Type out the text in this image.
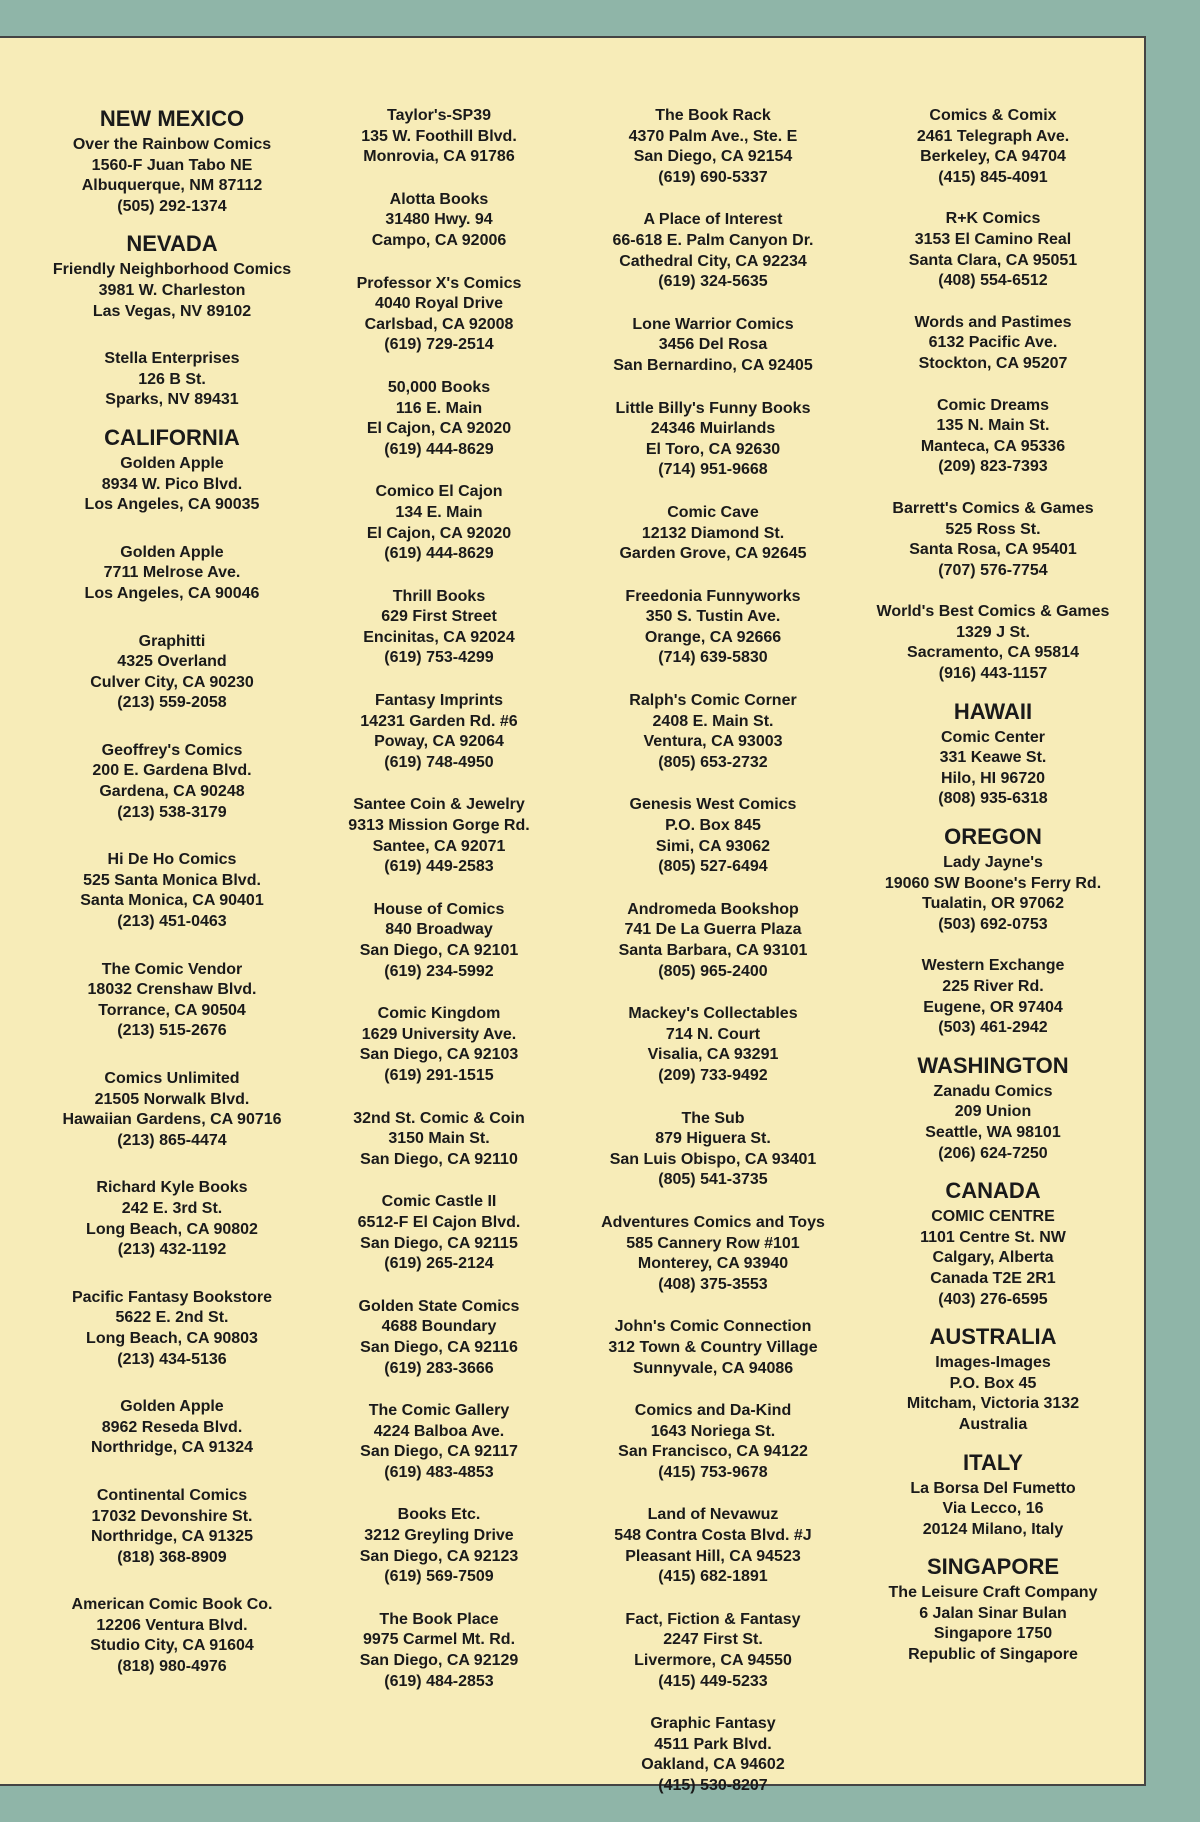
NEW MEXICO
Over the Rainbow Comics
1560-F Juan Tabo NE
Albuquerque, NM 87112
(505) 292-1374
NEVADA
Friendly Neighborhood Comics
3981 W. Charleston
Las Vegas, NV 89102
Stella Enterprises
126 B St.
Sparks, NV 89431
CALIFORNIA
Golden Apple
8934 W. Pico Blvd.
Los Angeles, CA 90035
Golden Apple
7711 Melrose Ave.
Los Angeles, CA 90046
Graphitti
4325 Overland
Culver City, CA 90230
(213) 559-2058
Geoffrey's Comics
200 E. Gardena Blvd.
Gardena, CA 90248
(213) 538-3179
Hi De Ho Comics
525 Santa Monica Blvd.
Santa Monica, CA 90401
(213) 451-0463
The Comic Vendor
18032 Crenshaw Blvd.
Torrance, CA 90504
(213) 515-2676
Comics Unlimited
21505 Norwalk Blvd.
Hawaiian Gardens, CA 90716
(213) 865-4474
Richard Kyle Books
242 E. 3rd St.
Long Beach, CA 90802
(213) 432-1192
Pacific Fantasy Bookstore
5622 E. 2nd St.
Long Beach, CA 90803
(213) 434-5136
Golden Apple
8962 Reseda Blvd.
Northridge, CA 91324
Continental Comics
17032 Devonshire St.
Northridge, CA 91325
(818) 368-8909
American Comic Book Co.
12206 Ventura Blvd.
Studio City, CA 91604
(818) 980-4976
Taylor's-SP39
135 W. Foothill Blvd.
Monrovia, CA 91786
Alotta Books
31480 Hwy. 94
Campo, CA 92006
Professor X's Comics
4040 Royal Drive
Carlsbad, CA 92008
(619) 729-2514
50,000 Books
116 E. Main
El Cajon, CA 92020
(619) 444-8629
Comico El Cajon
134 E. Main
El Cajon, CA 92020
(619) 444-8629
Thrill Books
629 First Street
Encinitas, CA 92024
(619) 753-4299
Fantasy Imprints
14231 Garden Rd. #6
Poway, CA 92064
(619) 748-4950
Santee Coin & Jewelry
9313 Mission Gorge Rd.
Santee, CA 92071
(619) 449-2583
House of Comics
840 Broadway
San Diego, CA 92101
(619) 234-5992
Comic Kingdom
1629 University Ave.
San Diego, CA 92103
(619) 291-1515
32nd St. Comic & Coin
3150 Main St.
San Diego, CA 92110
Comic Castle II
6512-F El Cajon Blvd.
San Diego, CA 92115
(619) 265-2124
Golden State Comics
4688 Boundary
San Diego, CA 92116
(619) 283-3666
The Comic Gallery
4224 Balboa Ave.
San Diego, CA 92117
(619) 483-4853
Books Etc.
3212 Greyling Drive
San Diego, CA 92123
(619) 569-7509
The Book Place
9975 Carmel Mt. Rd.
San Diego, CA 92129
(619) 484-2853
The Book Rack
4370 Palm Ave., Ste. E
San Diego, CA 92154
(619) 690-5337
A Place of Interest
66-618 E. Palm Canyon Dr.
Cathedral City, CA 92234
(619) 324-5635
Lone Warrior Comics
3456 Del Rosa
San Bernardino, CA 92405
Little Billy's Funny Books
24346 Muirlands
El Toro, CA 92630
(714) 951-9668
Comic Cave
12132 Diamond St.
Garden Grove, CA 92645
Freedonia Funnyworks
350 S. Tustin Ave.
Orange, CA 92666
(714) 639-5830
Ralph's Comic Corner
2408 E. Main St.
Ventura, CA 93003
(805) 653-2732
Genesis West Comics
P.O. Box 845
Simi, CA 93062
(805) 527-6494
Andromeda Bookshop
741 De La Guerra Plaza
Santa Barbara, CA 93101
(805) 965-2400
Mackey's Collectables
714 N. Court
Visalia, CA 93291
(209) 733-9492
The Sub
879 Higuera St.
San Luis Obispo, CA 93401
(805) 541-3735
Adventures Comics and Toys
585 Cannery Row #101
Monterey, CA 93940
(408) 375-3553
John's Comic Connection
312 Town & Country Village
Sunnyvale, CA 94086
Comics and Da-Kind
1643 Noriega St.
San Francisco, CA 94122
(415) 753-9678
Land of Nevawuz
548 Contra Costa Blvd. #J
Pleasant Hill, CA 94523
(415) 682-1891
Fact, Fiction & Fantasy
2247 First St.
Livermore, CA 94550
(415) 449-5233
Graphic Fantasy
4511 Park Blvd.
Oakland, CA 94602
(415) 530-8207
Comics & Comix
2461 Telegraph Ave.
Berkeley, CA 94704
(415) 845-4091
R+K Comics
3153 El Camino Real
Santa Clara, CA 95051
(408) 554-6512
Words and Pastimes
6132 Pacific Ave.
Stockton, CA 95207
Comic Dreams
135 N. Main St.
Manteca, CA 95336
(209) 823-7393
Barrett's Comics & Games
525 Ross St.
Santa Rosa, CA 95401
(707) 576-7754
World's Best Comics & Games
1329 J St.
Sacramento, CA 95814
(916) 443-1157
HAWAII
Comic Center
331 Keawe St.
Hilo, HI 96720
(808) 935-6318
OREGON
Lady Jayne's
19060 SW Boone's Ferry Rd.
Tualatin, OR 97062
(503) 692-0753
Western Exchange
225 River Rd.
Eugene, OR 97404
(503) 461-2942
WASHINGTON
Zanadu Comics
209 Union
Seattle, WA 98101
(206) 624-7250
CANADA
COMIC CENTRE
1101 Centre St. NW
Calgary, Alberta
Canada T2E 2R1
(403) 276-6595
AUSTRALIA
Images-Images
P.O. Box 45
Mitcham, Victoria 3132
Australia
ITALY
La Borsa Del Fumetto
Via Lecco, 16
20124 Milano, Italy
SINGAPORE
The Leisure Craft Company
6 Jalan Sinar Bulan
Singapore 1750
Republic of Singapore
